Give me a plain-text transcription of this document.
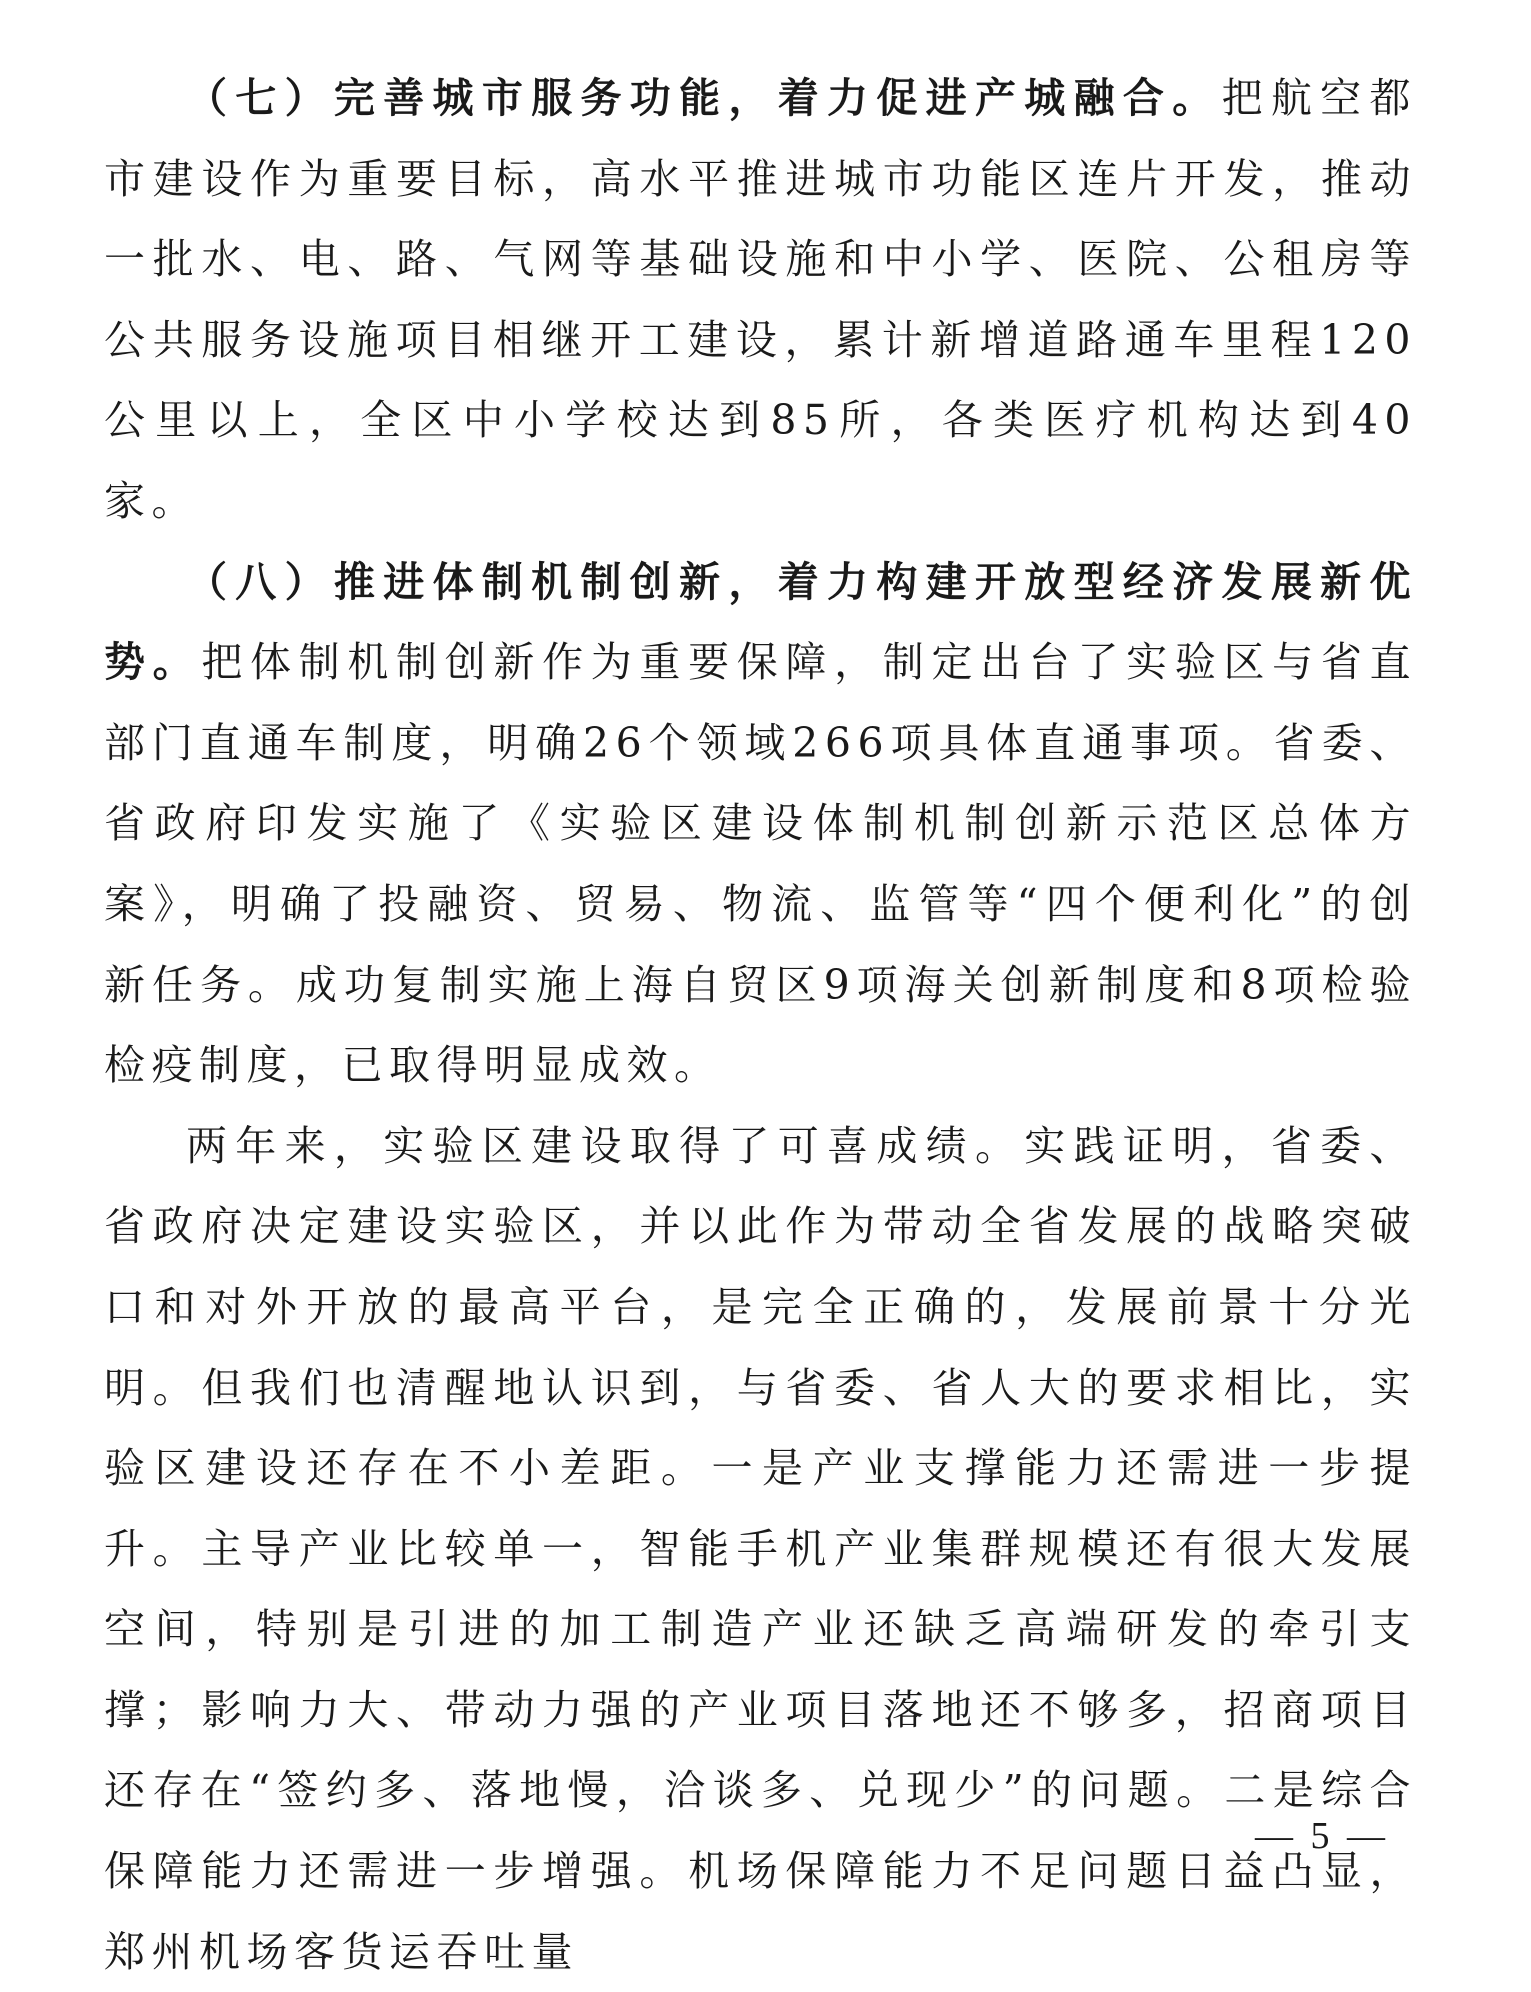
（七）完善城市服务功能，着力促进产城融合。把航空都市建设作为重要目标，高水平推进城市功能区连片开发，推动一批水、电、路、气网等基础设施和中小学、医院、公租房等公共服务设施项目相继开工建设，累计新增道路通车里程120公里以上，全区中小学校达到85所，各类医疗机构达到40家。

（八）推进体制机制创新，着力构建开放型经济发展新优势。把体制机制创新作为重要保障，制定出台了实验区与省直部门直通车制度，明确26个领域266项具体直通事项。省委、省政府印发实施了《实验区建设体制机制创新示范区总体方案》，明确了投融资、贸易、物流、监管等“四个便利化”的创新任务。成功复制实施上海自贸区9项海关创新制度和8项检验检疫制度，已取得明显成效。

两年来，实验区建设取得了可喜成绩。实践证明，省委、省政府决定建设实验区，并以此作为带动全省发展的战略突破口和对外开放的最高平台，是完全正确的，发展前景十分光明。但我们也清醒地认识到，与省委、省人大的要求相比，实验区建设还存在不小差距。一是产业支撑能力还需进一步提升。主导产业比较单一，智能手机产业集群规模还有很大发展空间，特别是引进的加工制造产业还缺乏高端研发的牵引支撑；影响力大、带动力强的产业项目落地还不够多，招商项目还存在“签约多、落地慢，洽谈多、兑现少”的问题。二是综合保障能力还需进一步增强。机场保障能力不足问题日益凸显，郑州机场客货运吞吐量

— 5 —
